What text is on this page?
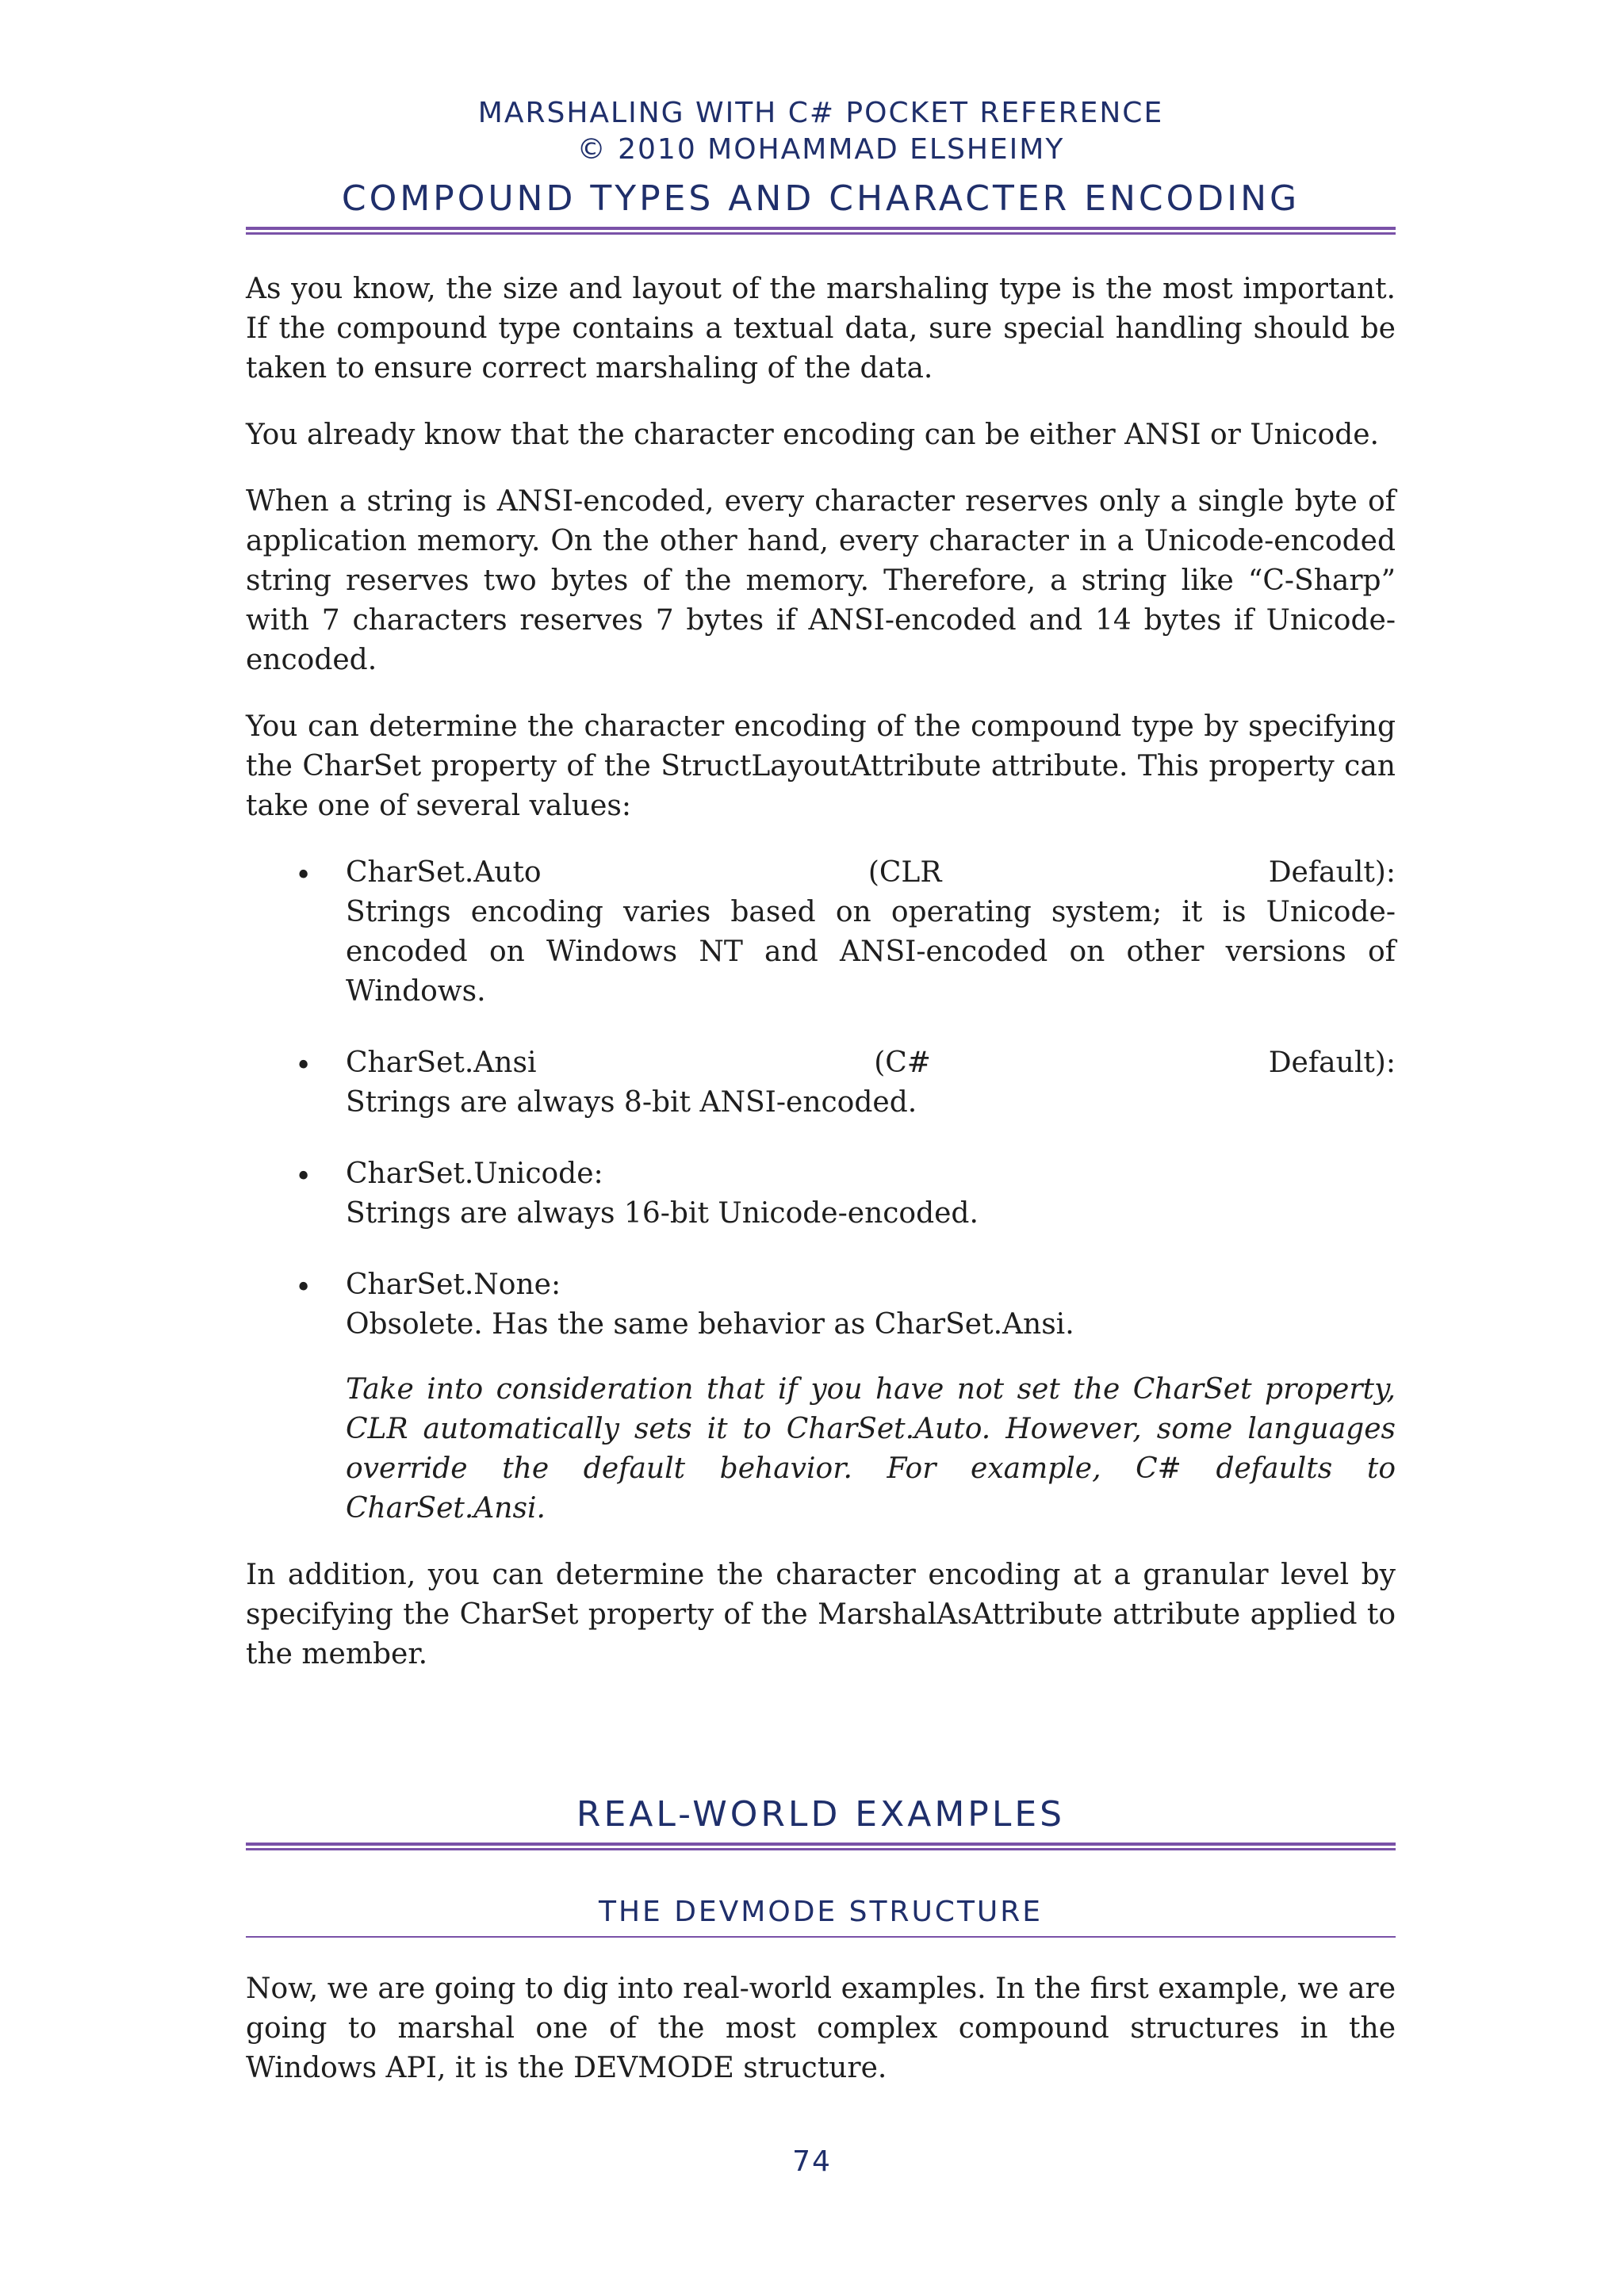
MARSHALING WITH C# POCKET REFERENCE
© 2010 MOHAMMAD ELSHEIMY
COMPOUND TYPES AND CHARACTER ENCODING

As you know, the size and layout of the marshaling type is the most important. If the compound type contains a textual data, sure special handling should be taken to ensure correct marshaling of the data.

You already know that the character encoding can be either ANSI or Unicode.

When a string is ANSI-encoded, every character reserves only a single byte of application memory. On the other hand, every character in a Unicode-encoded string reserves two bytes of the memory. Therefore, a string like “C-Sharp” with 7 characters reserves 7 bytes if ANSI-encoded and 14 bytes if Unicode-encoded.

You can determine the character encoding of the compound type by specifying the CharSet property of the StructLayoutAttribute attribute. This property can take one of several values:

• CharSet.Auto	(CLR	Default):
Strings encoding varies based on operating system; it is Unicode-encoded on Windows NT and ANSI-encoded on other versions of Windows.
• CharSet.Ansi	(C#	Default):
Strings are always 8-bit ANSI-encoded.
• CharSet.Unicode:
Strings are always 16-bit Unicode-encoded.
• CharSet.None:
Obsolete. Has the same behavior as CharSet.Ansi.

Take into consideration that if you have not set the CharSet property, CLR automatically sets it to CharSet.Auto. However, some languages override the default behavior. For example, C# defaults to CharSet.Ansi.

In addition, you can determine the character encoding at a granular level by specifying the CharSet property of the MarshalAsAttribute attribute applied to the member.

REAL-WORLD EXAMPLES
THE DEVMODE STRUCTURE

Now, we are going to dig into real-world examples. In the first example, we are going to marshal one of the most complex compound structures in the Windows API, it is the DEVMODE structure.

74
